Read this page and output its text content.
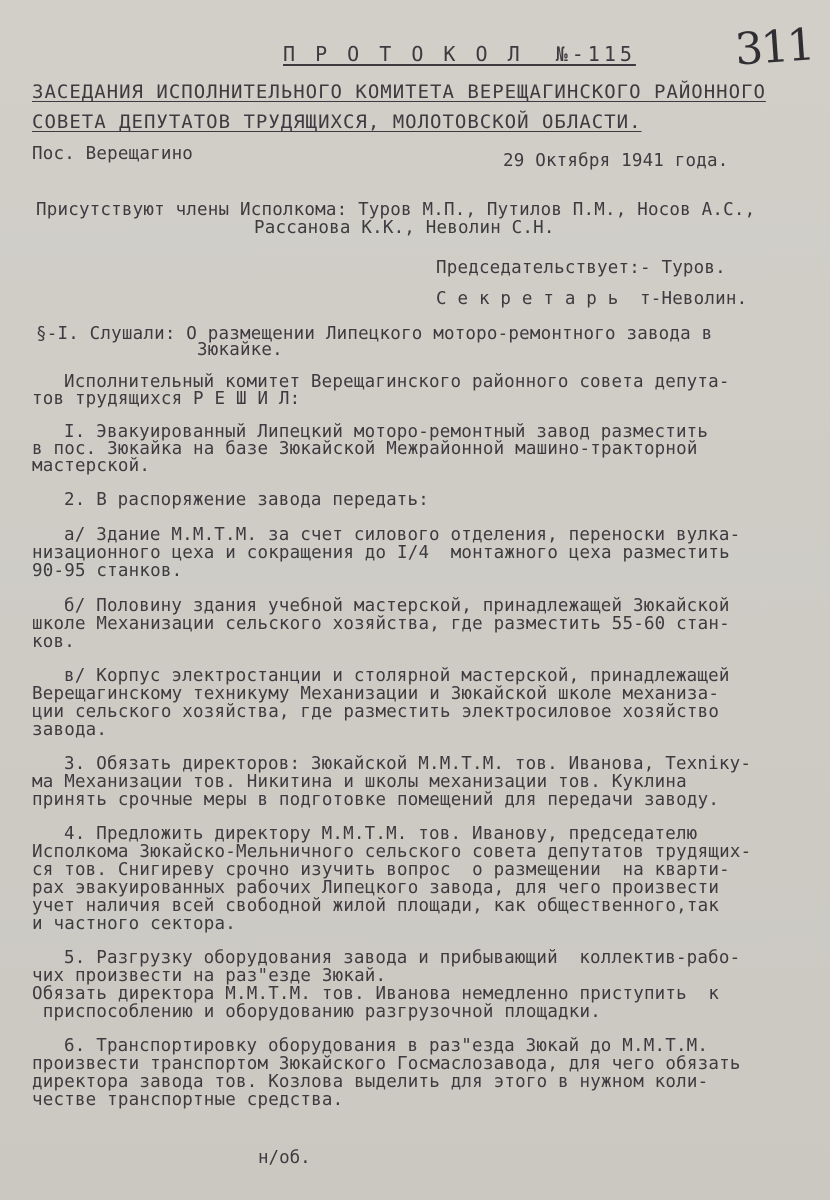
311
П Р О Т О К О Л  №-115
ЗАСЕДАНИЯ ИСПОЛНИТЕЛЬНОГО КОМИТЕТА ВЕРЕЩАГИНСКОГО РАЙОННОГО
СОВЕТА ДЕПУТАТОВ ТРУДЯЩИХСЯ, МОЛОТОВСКОЙ ОБЛАСТИ.
Пос. Верещагино	29 Октября 1941 года.
Присутствуют члены Исполкома: Туров М.П., Путилов П.М., Носов А.С.,
Рассанова К.К., Неволин С.Н.
Председательствует:- Туров.
С е к р е т а р ь  т-Неволин.
§-I. Слушали: О размещении Липецкого моторо-ремонтного завода в
Зюкайке.
Исполнительный комитет Верещагинского районного совета депута-
тов трудящихся Р Е Ш И Л:
I. Эвакуированный Липецкий моторо-ремонтный завод разместить
в пос. Зюкайка на базе Зюкайской Межрайонной машино-тракторной
мастерской.
2. В распоряжение завода передать:
а/ Здание М.М.Т.М. за счет силового отделения, переноски вулка-
низационного цеха и сокращения до I/4  монтажного цеха разместить
90-95 станков.
б/ Половину здания учебной мастерской, принадлежащей Зюкайской
школе Механизации сельского хозяйства, где разместить 55-60 стан-
ков.
в/ Корпус электростанции и столярной мастерской, принадлежащей
Верещагинскому техникуму Механизации и Зюкайской школе механиза-
ции сельского хозяйства, где разместить электросиловое хозяйство
завода.
3. Обязать директоров: Зюкайской М.М.Т.М. тов. Иванова, Техniку-
ма Механизации тов. Никитина и школы механизации тов. Куклина
принять срочные меры в подготовке помещений для передачи заводу.
4. Предложить директору М.М.Т.М. тов. Иванову, председателю
Исполкома Зюкайско-Мельничного сельского совета депутатов трудящих-
ся тов. Снигиреву срочно изучить вопрос  о размещении  на кварти-
рах эвакуированных рабочих Липецкого завода, для чего произвести
учет наличия всей свободной жилой площади, как общественного,так
и частного сектора.
5. Разгрузку оборудования завода и прибывающий  коллектив-рабо-
чих произвести на раз"езде Зюкай.
Обязать директора М.М.Т.М. тов. Иванова немедленно приступить  к
приспособлению и оборудованию разгрузочной площадки.
6. Транспортировку оборудования в раз"езда Зюкай до М.М.Т.М.
произвести транспортом Зюкайского Госмаслозавода, для чего обязать
директора завода тов. Козлова выделить для этого в нужном коли-
честве транспортные средства.
н/об.
